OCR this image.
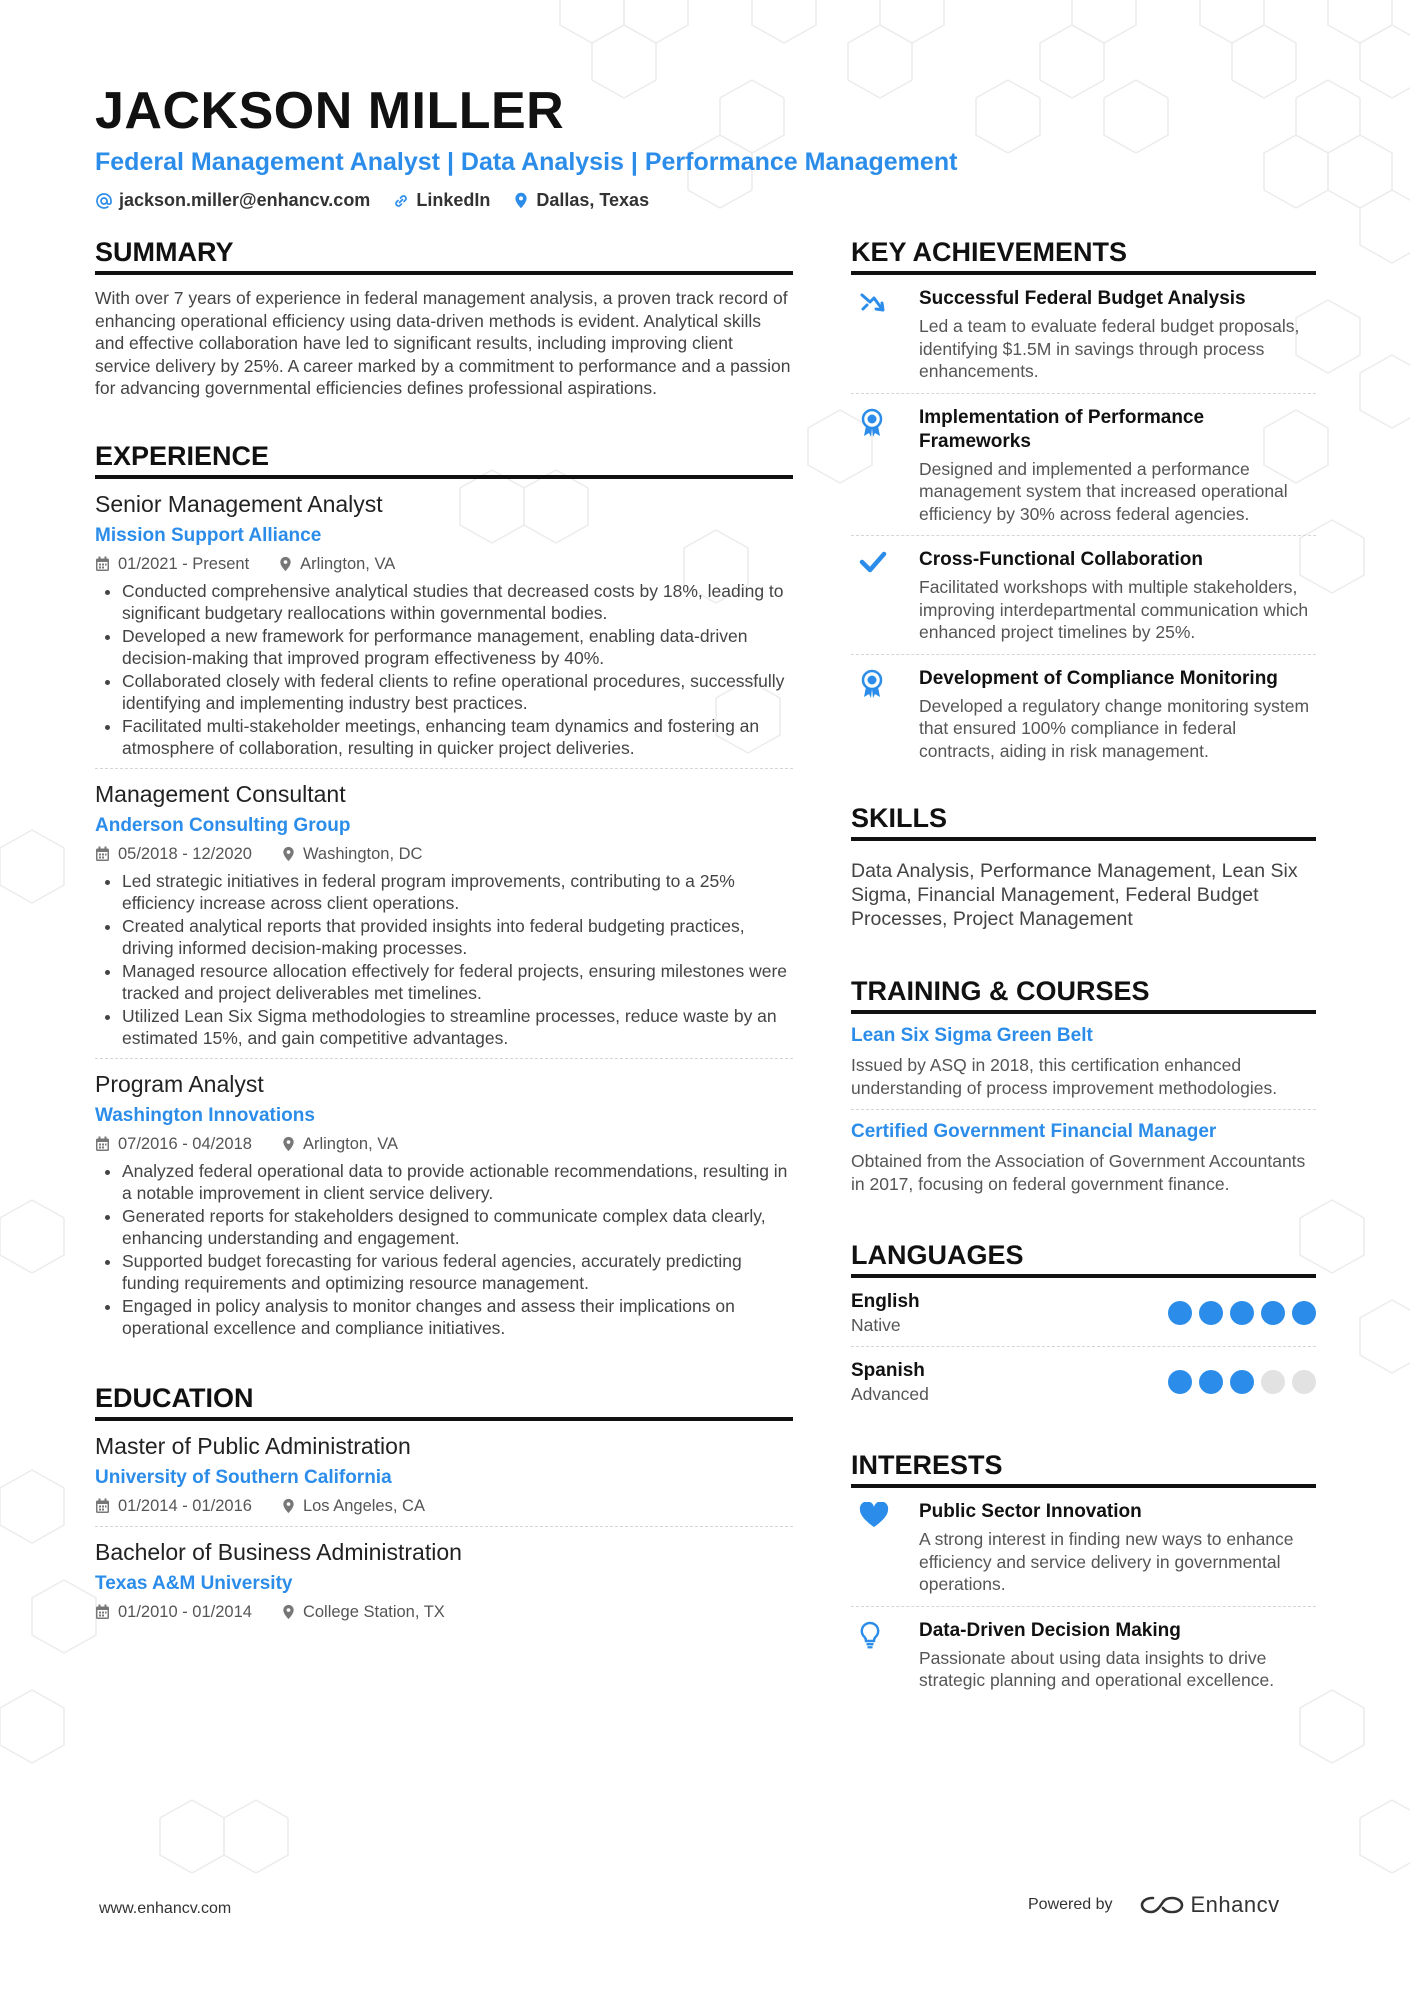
JACKSON MILLER
Federal Management Analyst | Data Analysis | Performance Management
jackson.miller@enhancv.com	LinkedIn	Dallas, Texas
SUMMARY
With over 7 years of experience in federal management analysis, a proven track record of enhancing operational efficiency using data-driven methods is evident. Analytical skills and effective collaboration have led to significant results, including improving client service delivery by 25%. A career marked by a commitment to performance and a passion for advancing governmental efficiencies defines professional aspirations.
EXPERIENCE
Senior Management Analyst
Mission Support Alliance
01/2021 - Present	Arlington, VA
• Conducted comprehensive analytical studies that decreased costs by 18%, leading to significant budgetary reallocations within governmental bodies.
• Developed a new framework for performance management, enabling data-driven decision-making that improved program effectiveness by 40%.
• Collaborated closely with federal clients to refine operational procedures, successfully identifying and implementing industry best practices.
• Facilitated multi-stakeholder meetings, enhancing team dynamics and fostering an atmosphere of collaboration, resulting in quicker project deliveries.
Management Consultant
Anderson Consulting Group
05/2018 - 12/2020	Washington, DC
• Led strategic initiatives in federal program improvements, contributing to a 25% efficiency increase across client operations.
• Created analytical reports that provided insights into federal budgeting practices, driving informed decision-making processes.
• Managed resource allocation effectively for federal projects, ensuring milestones were tracked and project deliverables met timelines.
• Utilized Lean Six Sigma methodologies to streamline processes, reduce waste by an estimated 15%, and gain competitive advantages.
Program Analyst
Washington Innovations
07/2016 - 04/2018	Arlington, VA
• Analyzed federal operational data to provide actionable recommendations, resulting in a notable improvement in client service delivery.
• Generated reports for stakeholders designed to communicate complex data clearly, enhancing understanding and engagement.
• Supported budget forecasting for various federal agencies, accurately predicting funding requirements and optimizing resource management.
• Engaged in policy analysis to monitor changes and assess their implications on operational excellence and compliance initiatives.
EDUCATION
Master of Public Administration
University of Southern California
01/2014 - 01/2016	Los Angeles, CA
Bachelor of Business Administration
Texas A&M University
01/2010 - 01/2014	College Station, TX
KEY ACHIEVEMENTS
Successful Federal Budget Analysis
Led a team to evaluate federal budget proposals, identifying $1.5M in savings through process enhancements.
Implementation of Performance Frameworks
Designed and implemented a performance management system that increased operational efficiency by 30% across federal agencies.
Cross-Functional Collaboration
Facilitated workshops with multiple stakeholders, improving interdepartmental communication which enhanced project timelines by 25%.
Development of Compliance Monitoring
Developed a regulatory change monitoring system that ensured 100% compliance in federal contracts, aiding in risk management.
SKILLS
Data Analysis, Performance Management, Lean Six Sigma, Financial Management, Federal Budget Processes, Project Management
TRAINING & COURSES
Lean Six Sigma Green Belt
Issued by ASQ in 2018, this certification enhanced understanding of process improvement methodologies.
Certified Government Financial Manager
Obtained from the Association of Government Accountants in 2017, focusing on federal government finance.
LANGUAGES
English
Native
Spanish
Advanced
INTERESTS
Public Sector Innovation
A strong interest in finding new ways to enhance efficiency and service delivery in governmental operations.
Data-Driven Decision Making
Passionate about using data insights to drive strategic planning and operational excellence.
www.enhancv.com	Powered by	Enhancv
